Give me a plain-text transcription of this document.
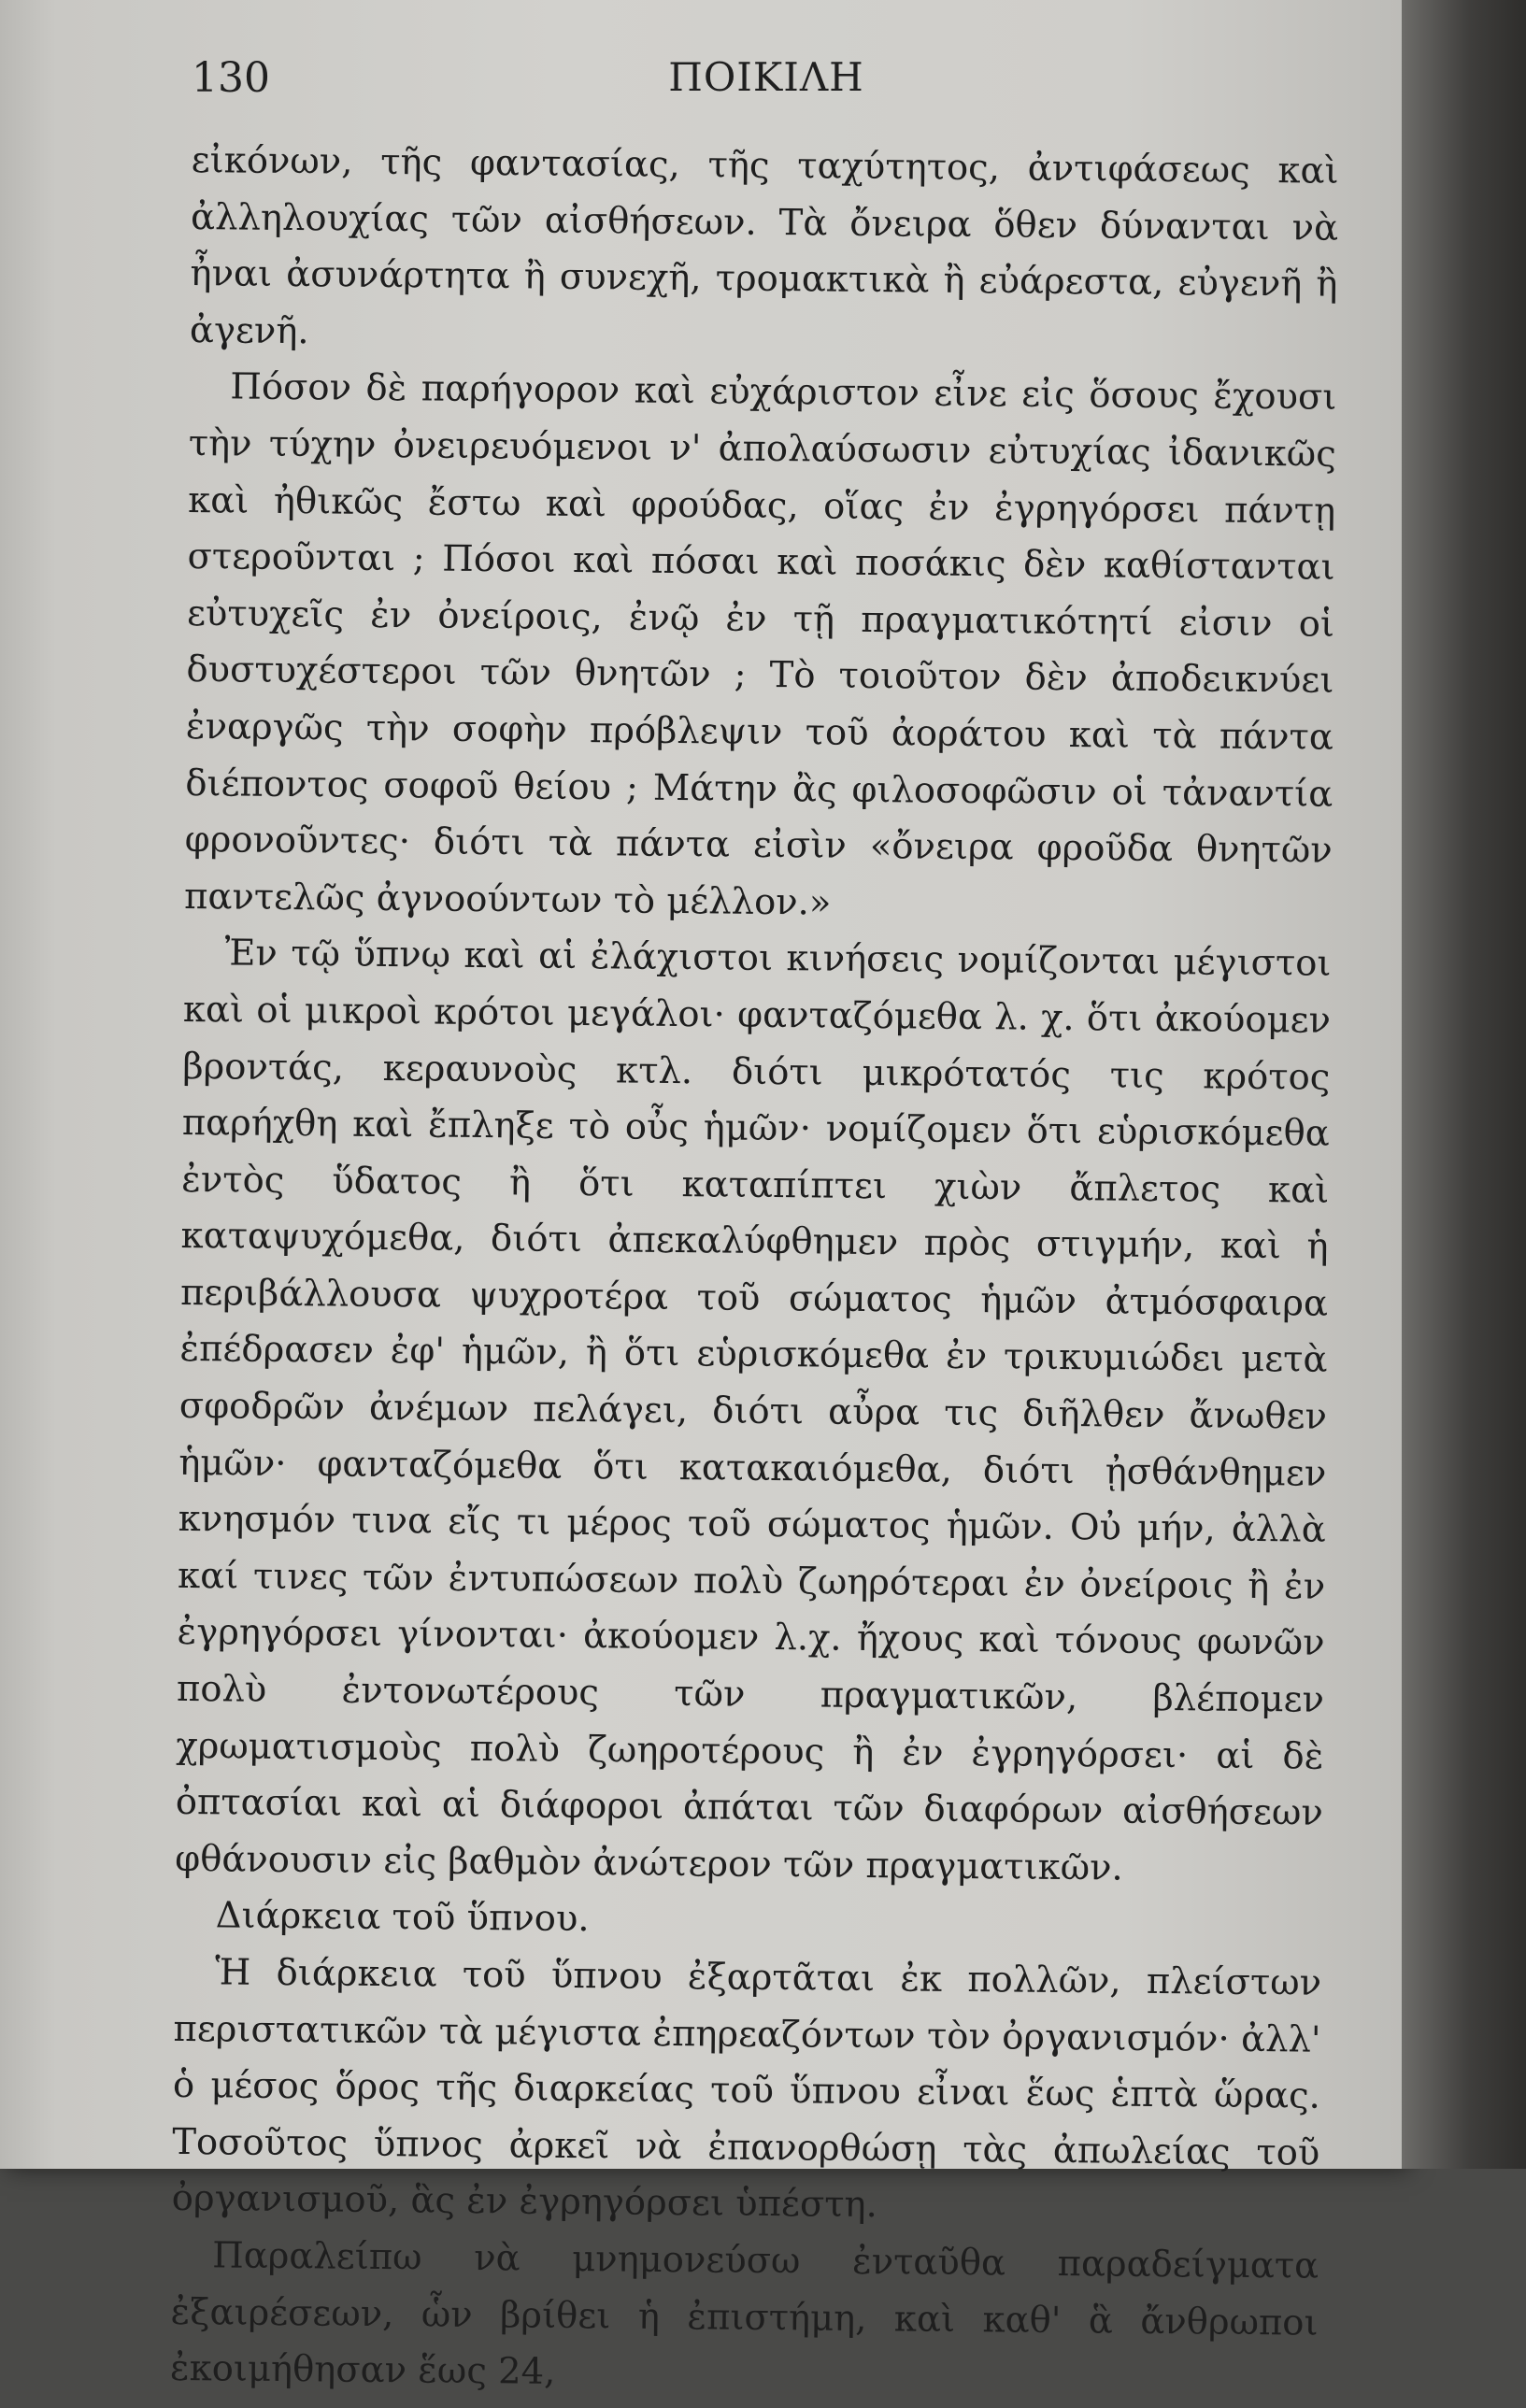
130	ΠΟΙΚΙΛΗ

εἰκόνων, τῆς φαντασίας, τῆς ταχύτητος, ἀντιφάσεως καὶ ἀλληλουχίας τῶν αἰσθήσεων. Τὰ ὄνειρα ὅθεν δύνανται νὰ ἦναι ἀσυνάρτητα ἢ συνεχῆ, τρομακτικὰ ἢ εὐάρεστα, εὐγενῆ ἢ ἀγενῆ.

Πόσον δὲ παρήγορον καὶ εὐχάριστον εἶνε εἰς ὅσους ἔχουσι τὴν τύχην ὀνειρευόμενοι ν' ἀπολαύσωσιν εὐτυχίας ἰδανικῶς καὶ ἠθικῶς ἔστω καὶ φρούδας, οἵας ἐν ἐγρηγόρσει πάντῃ στεροῦνται ; Πόσοι καὶ πόσαι καὶ ποσάκις δὲν καθίστανται εὐτυχεῖς ἐν ὀνείροις, ἐνῷ ἐν τῇ πραγματικότητί εἰσιν οἱ δυστυχέστεροι τῶν θνητῶν ; Τὸ τοιοῦτον δὲν ἀποδεικνύει ἐναργῶς τὴν σοφὴν πρόβλεψιν τοῦ ἀοράτου καὶ τὰ πάντα διέποντος σοφοῦ θείου ; Μάτην ἂς φιλοσοφῶσιν οἱ τἀναντία φρονοῦντες· διότι τὰ πάντα εἰσὶν «ὄνειρα φροῦδα θνητῶν παντελῶς ἀγνοούντων τὸ μέλλον.»

Ἐν τῷ ὕπνῳ καὶ αἱ ἐλάχιστοι κινήσεις νομίζονται μέγιστοι καὶ οἱ μικροὶ κρότοι μεγάλοι· φανταζόμεθα λ. χ. ὅτι ἀκούομεν βροντάς, κεραυνοὺς κτλ. διότι μικρότατός τις κρότος παρήχθη καὶ ἔπληξε τὸ οὖς ἡμῶν· νομίζομεν ὅτι εὑρισκόμεθα ἐντὸς ὕδατος ἢ ὅτι καταπίπτει χιὼν ἄπλετος καὶ καταψυχόμεθα, διότι ἀπεκαλύφθημεν πρὸς στιγμήν, καὶ ἡ περιβάλλουσα ψυχροτέρα τοῦ σώματος ἡμῶν ἀτμόσφαιρα ἐπέδρασεν ἐφ' ἡμῶν, ἢ ὅτι εὑρισκόμεθα ἐν τρικυμιώδει μετὰ σφοδρῶν ἀνέμων πελάγει, διότι αὖρα τις διῆλθεν ἄνωθεν ἡμῶν· φανταζόμεθα ὅτι κατακαιόμεθα, διότι ᾐσθάνθημεν κνησμόν τινα εἴς τι μέρος τοῦ σώματος ἡμῶν. Οὐ μήν, ἀλλὰ καί τινες τῶν ἐντυπώσεων πολὺ ζωηρότεραι ἐν ὀνείροις ἢ ἐν ἐγρηγόρσει γίνονται· ἀκούομεν λ.χ. ἤχους καὶ τόνους φωνῶν πολὺ ἐντονωτέρους τῶν πραγματικῶν, βλέπομεν χρωματισμοὺς πολὺ ζωηροτέρους ἢ ἐν ἐγρηγόρσει· αἱ δὲ ὀπτασίαι καὶ αἱ διάφοροι ἀπάται τῶν διαφόρων αἰσθήσεων φθάνουσιν εἰς βαθμὸν ἀνώτερον τῶν πραγματικῶν.

Διάρκεια τοῦ ὕπνου.

Ἡ διάρκεια τοῦ ὕπνου ἐξαρτᾶται ἐκ πολλῶν, πλείστων περιστατικῶν τὰ μέγιστα ἐπηρεαζόντων τὸν ὀργανισμόν· ἀλλ' ὁ μέσος ὅρος τῆς διαρκείας τοῦ ὕπνου εἶναι ἕως ἑπτὰ ὥρας. Τοσοῦτος ὕπνος ἀρκεῖ νὰ ἐπανορθώσῃ τὰς ἀπωλείας τοῦ ὀργανισμοῦ, ἃς ἐν ἐγρηγόρσει ὑπέστη.

Παραλείπω νὰ μνημονεύσω ἐνταῦθα παραδείγματα ἐξαιρέσεων, ὧν βρίθει ἡ ἐπιστήμη, καὶ καθ' ἃ ἄνθρωποι ἐκοιμήθησαν ἕως 24,
